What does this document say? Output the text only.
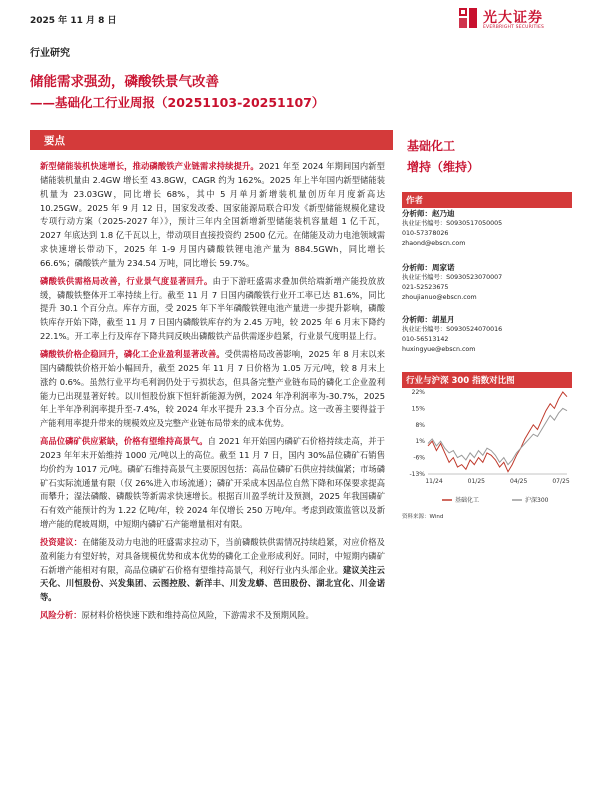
2025 年 11 月 8 日	光大证券
EVERBRIGHT SECURITIES
行业研究
储能需求强劲，磷酸铁景气改善
——基础化工行业周报（20251103-20251107）
要点

新型储能装机快速增长，推动磷酸铁产业链需求持续提升。2021 年至 2024 年期间国内新型储能装机量由 2.4GW 增长至 43.8GW，CAGR 约为 162%。2025 年上半年国内新型储能装机量为 23.03GW，同比增长 68%，其中 5 月单月新增装机量创历年月度新高达 10.25GW。2025 年 9 月 12 日，国家发改委、国家能源局联合印发《新型储能规模化建设专项行动方案（2025-2027 年）》，预计三年内全国新增新型储能装机容量超 1 亿千瓦，2027 年底达到 1.8 亿千瓦以上，带动项目直接投资约 2500 亿元。在储能及动力电池领域需求快速增长带动下，2025 年 1-9 月国内磷酸铁锂电池产量为 884.5GWh，同比增长 66.6%；磷酸铁产量为 234.54 万吨，同比增长 59.7%。

磷酸铁供需格局改善，行业景气度显著回升。由于下游旺盛需求叠加供给端新增产能投放放缓，磷酸铁整体开工率持续上行。截至 11 月 7 日国内磷酸铁行业开工率已达 81.6%，同比提升 30.1 个百分点。库存方面，受 2025 年下半年磷酸铁锂电池产量进一步提升影响，磷酸铁库存开始下降，截至 11 月 7 日国内磷酸铁库存约为 2.45 万吨，较 2025 年 6 月末下降约 22.1%。开工率上行及库存下降共同反映出磷酸铁产品供需逐步趋紧，行业景气度明显上行。

磷酸铁价格企稳回升，磷化工企业盈利显著改善。受供需格局改善影响，2025 年 8 月末以来国内磷酸铁价格开始小幅回升，截至 2025 年 11 月 7 日价格为 1.05 万元/吨，较 8 月末上涨约 0.6%。虽然行业平均毛利润仍处于亏损状态，但具备完整产业链布局的磷化工企业盈利能力已出现显著好转。以川恒股份旗下恒轩新能源为例，2024 年净利润率为-30.7%，2025 年上半年净利润率提升至-7.4%，较 2024 年水平提升 23.3 个百分点。这一改善主要得益于产能利用率提升带来的规模效应及完整产业链布局带来的成本优势。

高品位磷矿供应紧缺，价格有望维持高景气。自 2021 年开始国内磷矿石价格持续走高，并于 2023 年年末开始维持 1000 元/吨以上的高位。截至 11 月 7 日，国内 30%品位磷矿石销售均价约为 1017 元/吨。磷矿石维持高景气主要原因包括：高品位磷矿石供应持续偏紧；市场磷矿石实际流通量有限（仅 26%进入市场流通）；磷矿开采成本因品位自然下降和环保要求提高而攀升；湿法磷酸、磷酸铁等新需求快速增长。根据百川盈孚统计及预测，2025 年我国磷矿石有效产能预计约为 1.22 亿吨/年，较 2024 年仅增长 250 万吨/年。考虑到政策监管以及新增产能的爬坡周期，中短期内磷矿石产能增量相对有限。

投资建议：在储能及动力电池的旺盛需求拉动下，当前磷酸铁供需情况持续趋紧，对应价格及盈利能力有望好转，对具备规模优势和成本优势的磷化工企业形成利好。同时，中短期内磷矿石新增产能相对有限，高品位磷矿石价格有望维持高景气，利好行业内头部企业。建议关注云天化、川恒股份、兴发集团、云图控股、新洋丰、川发龙蟒、芭田股份、湖北宜化、川金诺等。

风险分析：原材料价格快速下跌和维持高位风险，下游需求不及预期风险。

基础化工
增持（维持）
作者
分析师：赵乃迪
执业证书编号：S0930517050005
010-57378026
zhaond@ebscn.com
分析师：周家诺
执业证书编号：S0930523070007
021-52523675
zhoujianuo@ebscn.com
分析师：胡星月
执业证书编号：S0930524070016
010-56513142
huxingyue@ebscn.com
行业与沪深 300 指数对比图
22%
15%
8%
1%
-6%
-13%
11/24	01/25	04/25	07/25
基础化工	沪深300
资料来源：Wind
